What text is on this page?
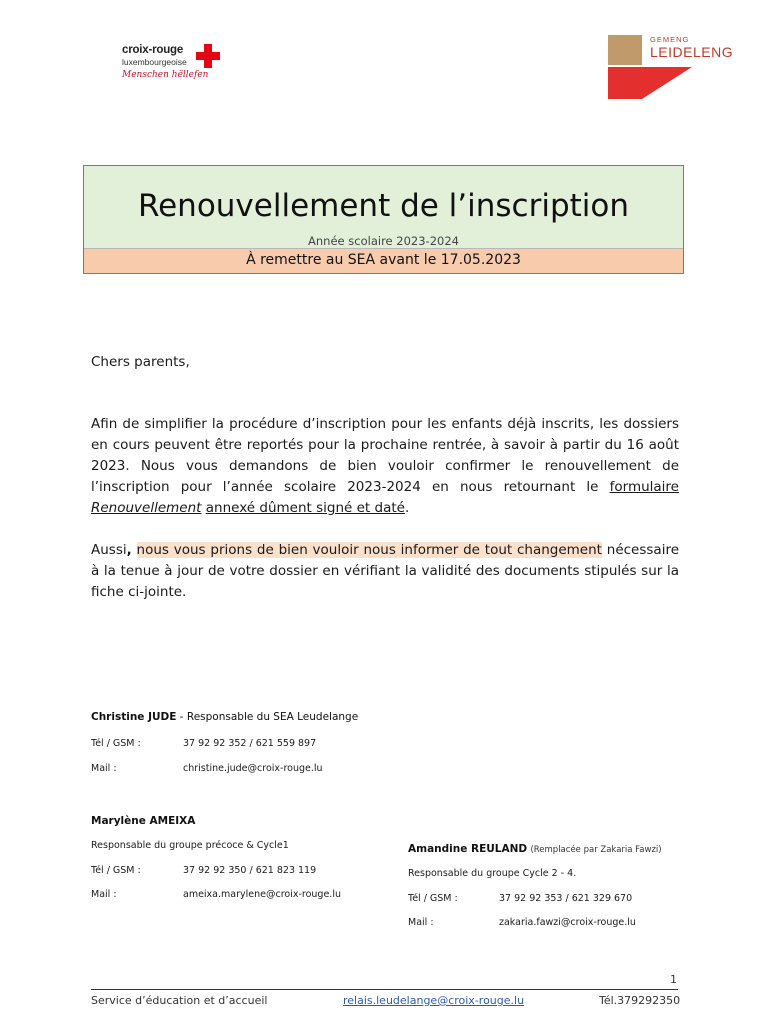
croix-rouge
luxembourgeoise
Menschen hëllefen
GEMENG
LEIDELENG
Renouvellement de l’inscription
Année scolaire 2023-2024
À remettre au SEA avant le 17.05.2023
Chers parents,
Afin de simplifier la procédure d’inscription pour les enfants déjà inscrits, les dossiers en cours peuvent être reportés pour la prochaine rentrée, à savoir à partir du 16 août 2023. Nous vous demandons de bien vouloir confirmer le renouvellement de l’inscription pour l’année scolaire 2023-2024 en nous retournant le formulaire Renouvellement annexé dûment signé et daté.
Aussi, nous vous prions de bien vouloir nous informer de tout changement nécessaire à la tenue à jour de votre dossier en vérifiant la validité des documents stipulés sur la fiche ci-jointe.
Christine JUDE - Responsable du SEA Leudelange
Tél / GSM :	37 92 92 352 / 621 559 897
Mail :	christine.jude@croix-rouge.lu
Marylène AMEIXA
Responsable du groupe précoce & Cycle1
Tél / GSM :	37 92 92 350 / 621 823 119
Mail :	ameixa.marylene@croix-rouge.lu
Amandine REULAND (Remplacée par Zakaria Fawzi)
Responsable du groupe Cycle 2 - 4.
Tél / GSM :	37 92 92 353 / 621 329 670
Mail :	zakaria.fawzi@croix-rouge.lu
1
Service d’éducation et d’accueil	relais.leudelange@croix-rouge.lu	Tél.379292350
